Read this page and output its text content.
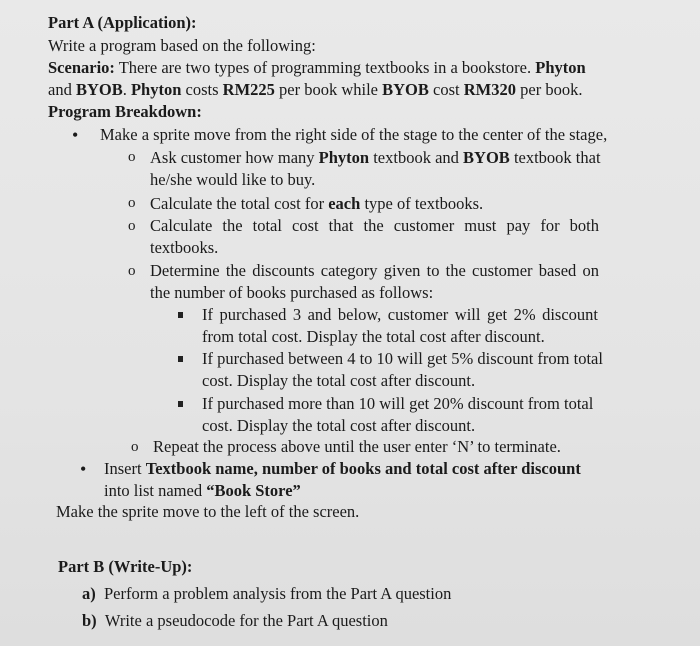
Part A (Application):
Write a program based on the following:
Scenario: There are two types of programming textbooks in a bookstore. Phyton
and BYOB. Phyton costs RM225 per book while BYOB cost RM320 per book.
Program Breakdown:
• Make a sprite move from the right side of the stage to the center of the stage,
o Ask customer how many Phyton textbook and BYOB textbook that
he/she would like to buy.
o Calculate the total cost for each type of textbooks.
o Calculate the total cost that the customer must pay for both
textbooks.
o Determine the discounts category given to the customer based on
the number of books purchased as follows:
If purchased 3 and below, customer will get 2% discount
from total cost. Display the total cost after discount.
If purchased between 4 to 10 will get 5% discount from total
cost. Display the total cost after discount.
If purchased more than 10 will get 20% discount from total
cost. Display the total cost after discount.
o Repeat the process above until the user enter ‘N’ to terminate.
• Insert Textbook name, number of books and total cost after discount
into list named “Book Store”
Make the sprite move to the left of the screen.
Part B (Write-Up):
a) Perform a problem analysis from the Part A question
b) Write a pseudocode for the Part A question
